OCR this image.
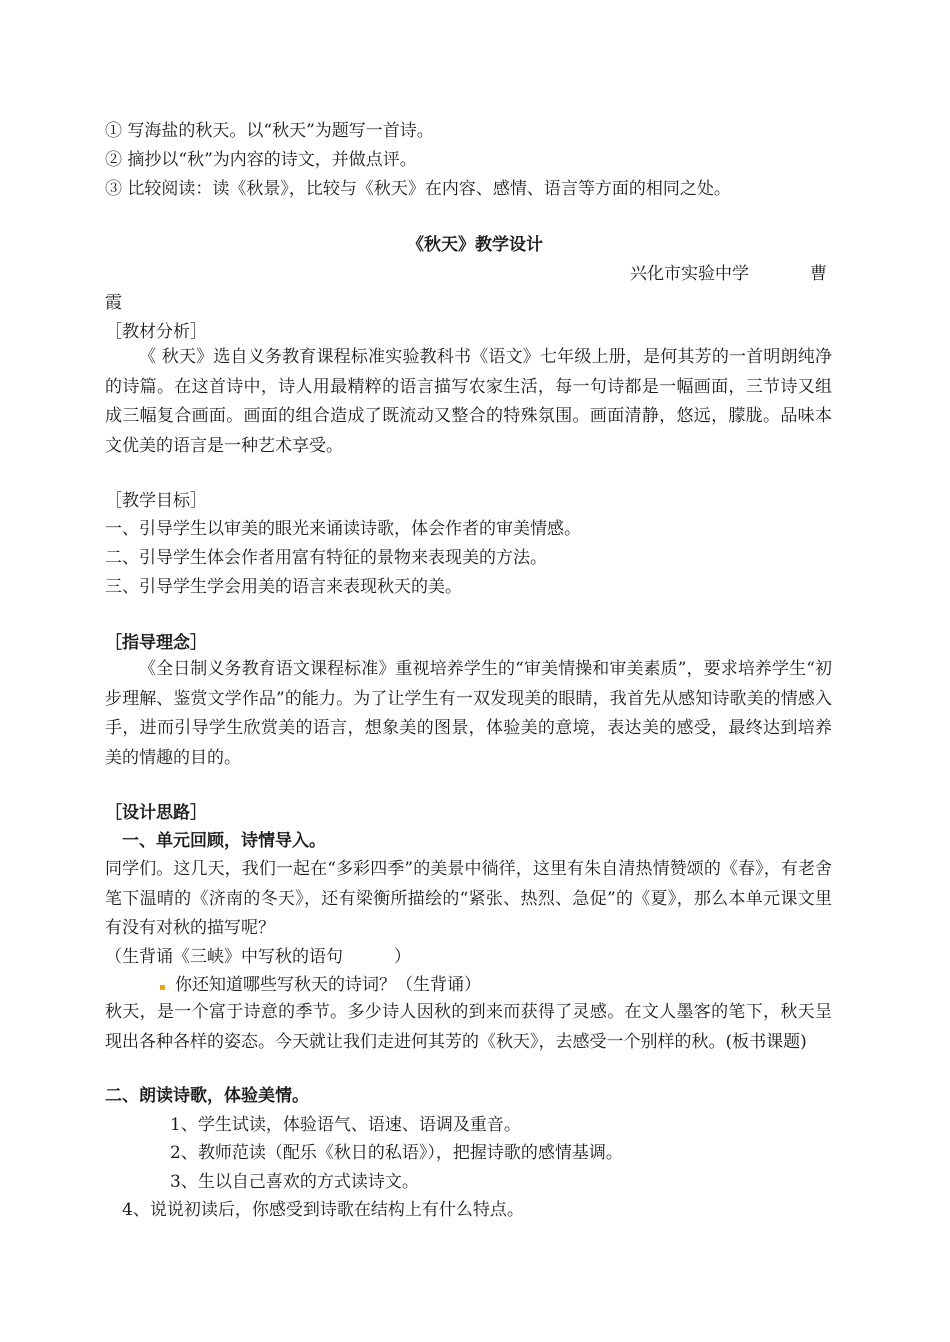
① 写海盐的秋天。以“秋天”为题写一首诗。
② 摘抄以“秋”为内容的诗文，并做点评。
③ 比较阅读：读《秋景》，比较与《秋天》在内容、感情、语言等方面的相同之处。
《秋天》教学设计
兴化市实验中学	曹
霞
［教材分析］
《 秋天》选自义务教育课程标准实验教科书《语文》七年级上册，是何其芳的一首明朗纯净的诗篇。在这首诗中，诗人用最精粹的语言描写农家生活，每一句诗都是一幅画面，三节诗又组成三幅复合画面。画面的组合造成了既流动又整合的特殊氛围。画面清静，悠远，朦胧。品味本文优美的语言是一种艺术享受。
［教学目标］
一、引导学生以审美的眼光来诵读诗歌，体会作者的审美情感。
二、引导学生体会作者用富有特征的景物来表现美的方法。
三、引导学生学会用美的语言来表现秋天的美。
［指导理念］
《全日制义务教育语文课程标准》重视培养学生的“审美情操和审美素质”，要求培养学生“初步理解、鉴赏文学作品”的能力。为了让学生有一双发现美的眼睛，我首先从感知诗歌美的情感入手，进而引导学生欣赏美的语言，想象美的图景，体验美的意境，表达美的感受，最终达到培养美的情趣的目的。
［设计思路］
一、单元回顾，诗情导入。
同学们。这几天，我们一起在“多彩四季”的美景中徜徉，这里有朱自清热情赞颂的《春》，有老舍笔下温晴的《济南的冬天》，还有梁衡所描绘的“紧张、热烈、急促”的《夏》，那么本单元课文里有没有对秋的描写呢？
（生背诵《三峡》中写秋的语句　　　）
你还知道哪些写秋天的诗词？（生背诵）
秋天，是一个富于诗意的季节。多少诗人因秋的到来而获得了灵感。在文人墨客的笔下，秋天呈现出各种各样的姿态。今天就让我们走进何其芳的《秋天》，去感受一个别样的秋。(板书课题)
二、朗读诗歌，体验美情。
1、学生试读，体验语气、语速、语调及重音。
2、教师范读（配乐《秋日的私语》），把握诗歌的感情基调。
3、生以自己喜欢的方式读诗文。
4、说说初读后，你感受到诗歌在结构上有什么特点。
